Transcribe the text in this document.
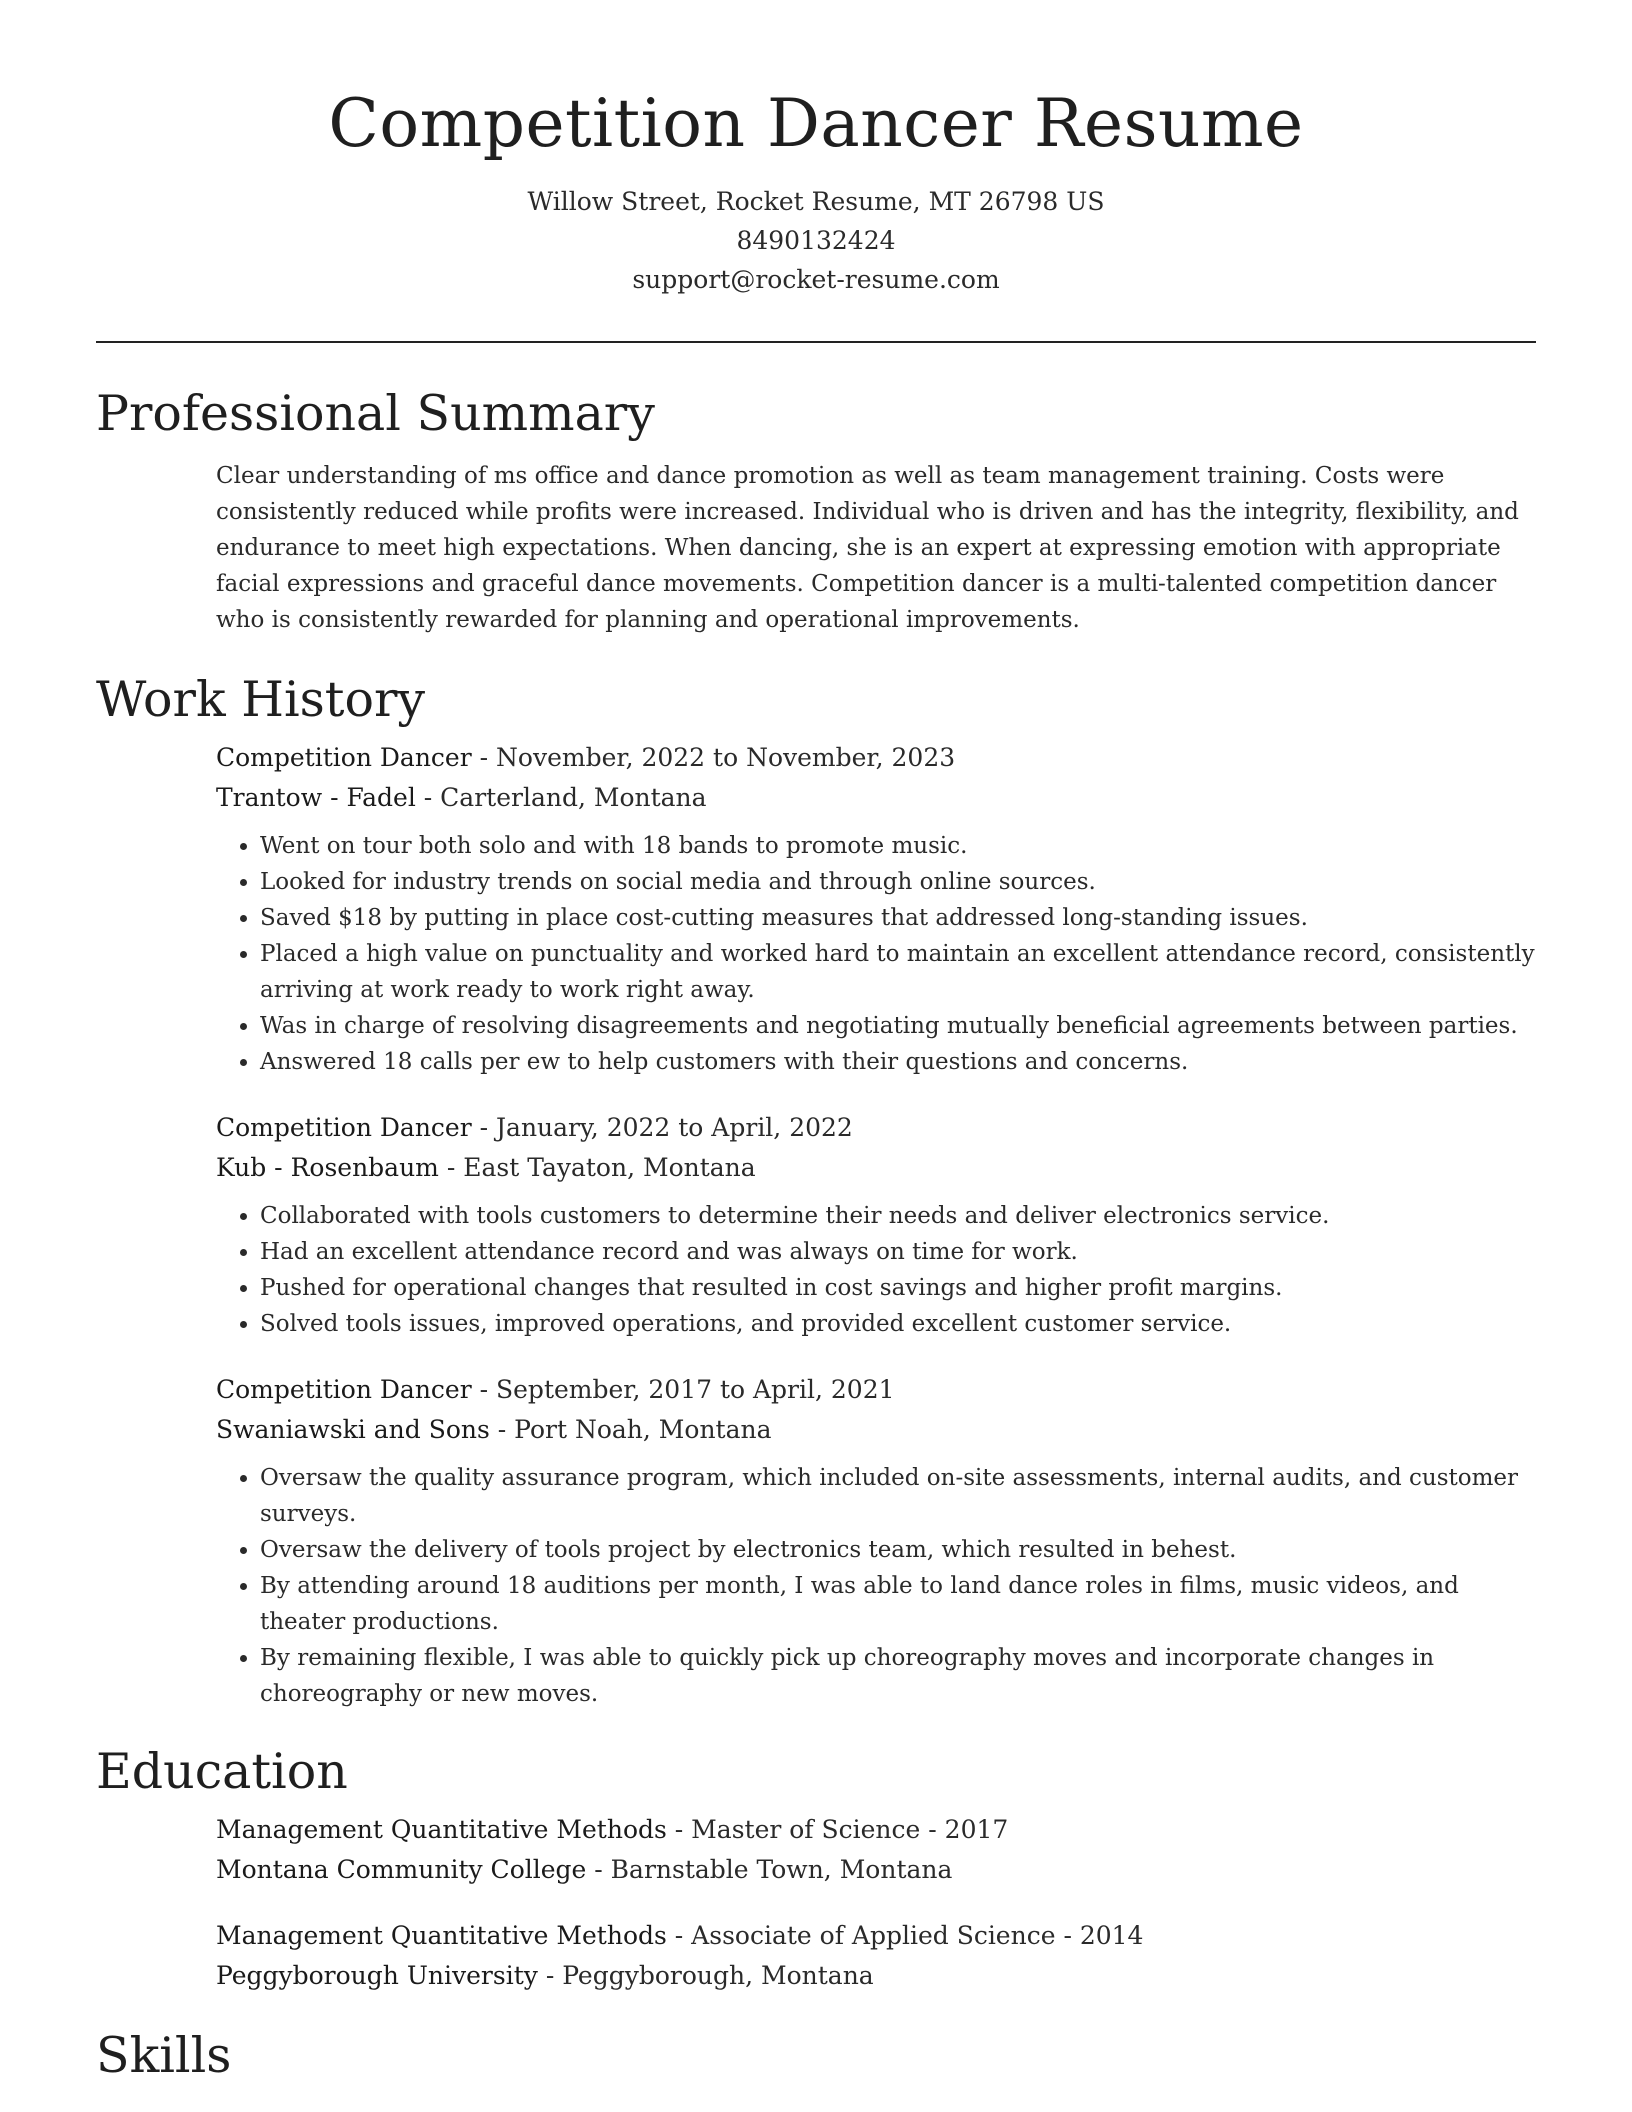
Competition Dancer Resume
Willow Street, Rocket Resume, MT 26798 US
8490132424
support@rocket-resume.com
Professional Summary

Clear understanding of ms office and dance promotion as well as team management training. Costs were consistently reduced while profits were increased. Individual who is driven and has the integrity, flexibility, and endurance to meet high expectations. When dancing, she is an expert at expressing emotion with appropriate facial expressions and graceful dance movements. Competition dancer is a multi-talented competition dancer who is consistently rewarded for planning and operational improvements.

Work History
Competition Dancer - November, 2022 to November, 2023
Trantow - Fadel - Carterland, Montana
• Went on tour both solo and with 18 bands to promote music.
• Looked for industry trends on social media and through online sources.
• Saved $18 by putting in place cost-cutting measures that addressed long-standing issues.
• Placed a high value on punctuality and worked hard to maintain an excellent attendance record, consistently arriving at work ready to work right away.
• Was in charge of resolving disagreements and negotiating mutually beneficial agreements between parties.
• Answered 18 calls per ew to help customers with their questions and concerns.
Competition Dancer - January, 2022 to April, 2022
Kub - Rosenbaum - East Tayaton, Montana
• Collaborated with tools customers to determine their needs and deliver electronics service.
• Had an excellent attendance record and was always on time for work.
• Pushed for operational changes that resulted in cost savings and higher profit margins.
• Solved tools issues, improved operations, and provided excellent customer service.
Competition Dancer - September, 2017 to April, 2021
Swaniawski and Sons - Port Noah, Montana
• Oversaw the quality assurance program, which included on-site assessments, internal audits, and customer surveys.
• Oversaw the delivery of tools project by electronics team, which resulted in behest.
• By attending around 18 auditions per month, I was able to land dance roles in films, music videos, and theater productions.
• By remaining flexible, I was able to quickly pick up choreography moves and incorporate changes in choreography or new moves.
Education
Management Quantitative Methods - Master of Science - 2017
Montana Community College - Barnstable Town, Montana
Management Quantitative Methods - Associate of Applied Science - 2014
Peggyborough University - Peggyborough, Montana
Skills
